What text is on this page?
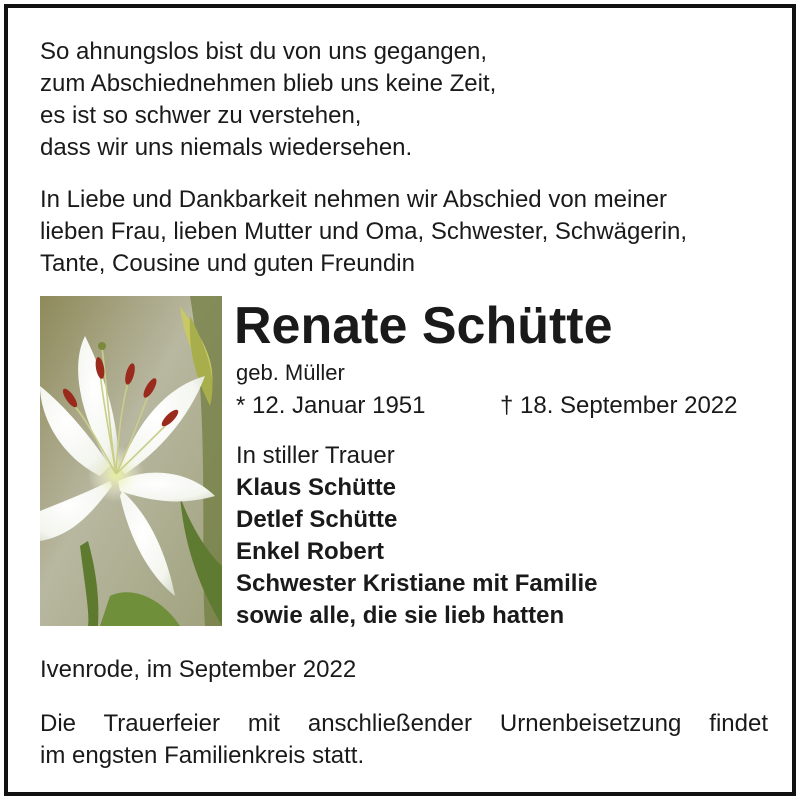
So ahnungslos bist du von uns gegangen,
zum Abschiednehmen blieb uns keine Zeit,
es ist so schwer zu verstehen,
dass wir uns niemals wiedersehen.
In Liebe und Dankbarkeit nehmen wir Abschied von meiner
lieben Frau, lieben Mutter und Oma, Schwester, Schwägerin,
Tante, Cousine und guten Freundin
Renate Schütte
geb. Müller
* 12. Januar 1951	† 18. September 2022
In stiller Trauer
Klaus Schütte
Detlef Schütte
Enkel Robert
Schwester Kristiane mit Familie
sowie alle, die sie lieb hatten
Ivenrode, im September 2022
Die Trauerfeier mit anschließender Urnenbeisetzung findet
im engsten Familienkreis statt.
